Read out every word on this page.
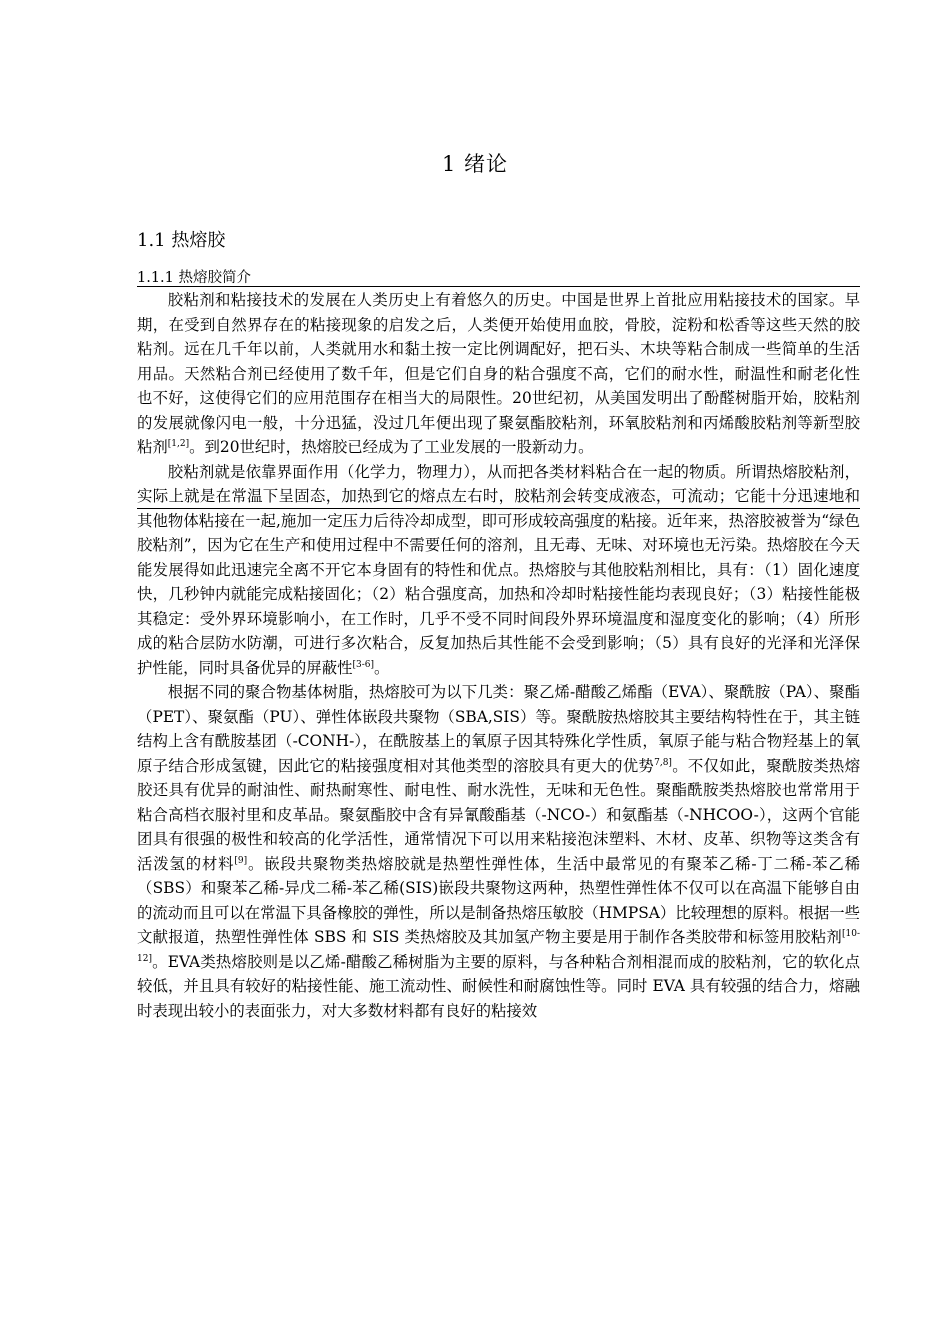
1 绪论
1.1 热熔胶
1.1.1 热熔胶简介

胶粘剂和粘接技术的发展在人类历史上有着悠久的历史。中国是世界上首批应用粘接技术的国家。早期，在受到自然界存在的粘接现象的启发之后，人类便开始使用血胶，骨胶，淀粉和松香等这些天然的胶粘剂。远在几千年以前，人类就用水和黏土按一定比例调配好，把石头、木块等粘合制成一些简单的生活用品。天然粘合剂已经使用了数千年，但是它们自身的粘合强度不高，它们的耐水性，耐温性和耐老化性也不好，这使得它们的应用范围存在相当大的局限性。20世纪初，从美国发明出了酚醛树脂开始，胶粘剂的发展就像闪电一般，十分迅猛，没过几年便出现了聚氨酯胶粘剂，环氧胶粘剂和丙烯酸胶粘剂等新型胶粘剂[1,2]。到20世纪时，热熔胶已经成为了工业发展的一股新动力。

胶粘剂就是依靠界面作用（化学力，物理力），从而把各类材料粘合在一起的物质。所谓热熔胶粘剂，实际上就是在常温下呈固态，加热到它的熔点左右时，胶粘剂会转变成液态，可流动；它能十分迅速地和其他物体粘接在一起,施加一定压力后待冷却成型，即可形成较高强度的粘接。近年来，热溶胶被誉为“绿色胶粘剂”，因为它在生产和使用过程中不需要任何的溶剂，且无毒、无味、对环境也无污染。热熔胶在今天能发展得如此迅速完全离不开它本身固有的特性和优点。热熔胶与其他胶粘剂相比，具有：（1）固化速度快，几秒钟内就能完成粘接固化；（2）粘合强度高，加热和冷却时粘接性能均表现良好；（3）粘接性能极其稳定：受外界环境影响小，在工作时，几乎不受不同时间段外界环境温度和湿度变化的影响；（4）所形成的粘合层防水防潮，可进行多次粘合，反复加热后其性能不会受到影响；（5）具有良好的光泽和光泽保护性能，同时具备优异的屏蔽性[3-6]。

根据不同的聚合物基体树脂，热熔胶可为以下几类：聚乙烯-醋酸乙烯酯（EVA）、聚酰胺（PA）、聚酯（PET）、聚氨酯（PU）、弹性体嵌段共聚物（SBA,SIS）等。聚酰胺热熔胶其主要结构特性在于，其主链结构上含有酰胺基团（-CONH-），在酰胺基上的氧原子因其特殊化学性质，氧原子能与粘合物羟基上的氧原子结合形成氢键，因此它的粘接强度相对其他类型的溶胶具有更大的优势$^{7,8]}$。不仅如此，聚酰胺类热熔胶还具有优异的耐油性、耐热耐寒性、耐电性、耐水洗性，无味和无色性。聚酯酰胺类热熔胶也常常用于粘合高档衣服衬里和皮革品。聚氨酯胶中含有异氰酸酯基（-NCO-）和氨酯基（-NHCOO-），这两个官能团具有很强的极性和较高的化学活性，通常情况下可以用来粘接泡沫塑料、木材、皮革、织物等这类含有活泼氢的材料[9]。嵌段共聚物类热熔胶就是热塑性弹性体，生活中最常见的有聚苯乙稀-丁二稀-苯乙稀（SBS）和聚苯乙稀-异戊二稀-苯乙稀(SIS)嵌段共聚物这两种，热塑性弹性体不仅可以在高温下能够自由的流动而且可以在常温下具备橡胶的弹性，所以是制备热熔压敏胶（HMPSA）比较理想的原料。根据一些文献报道，热塑性弹性体 SBS 和 SIS 类热熔胶及其加氢产物主要是用于制作各类胶带和标签用胶粘剂[10-12]。EVA类热熔胶则是以乙烯-醋酸乙稀树脂为主要的原料，与各种粘合剂相混而成的胶粘剂，它的软化点较低，并且具有较好的粘接性能、施工流动性、耐候性和耐腐蚀性等。同时 EVA 具有较强的结合力，熔融时表现出较小的表面张力，对大多数材料都有良好的粘接效
